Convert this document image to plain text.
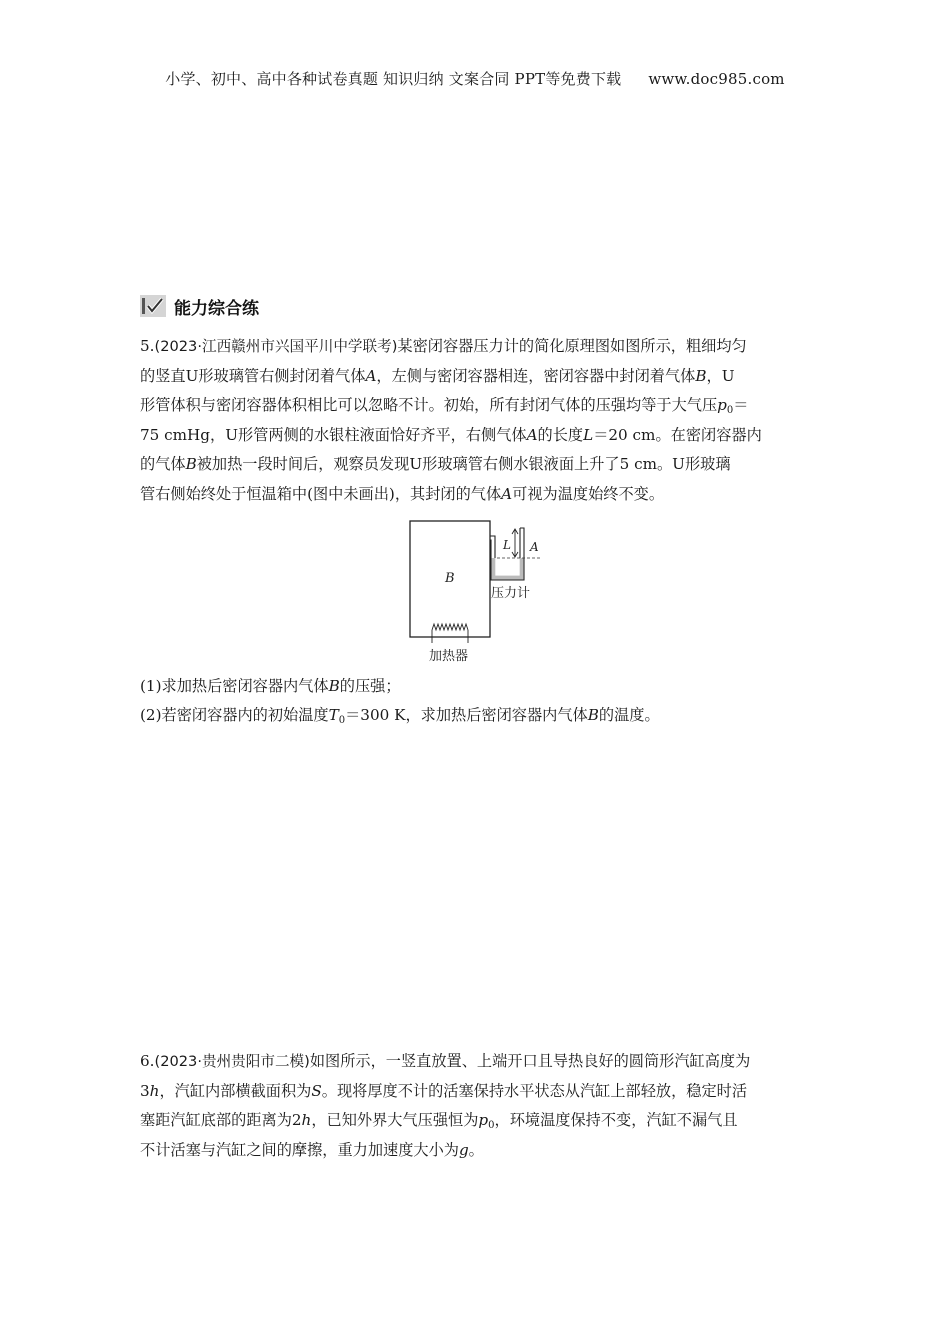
小学、初中、高中各种试卷真题 知识归纳 文案合同 PPT等免费下载 www.doc985.com
能力综合练
5.(2023·江西赣州市兴国平川中学联考)某密闭容器压力计的简化原理图如图所示，粗细均匀
的竖直U形玻璃管右侧封闭着气体A，左侧与密闭容器相连，密闭容器中封闭着气体B，U
形管体积与密闭容器体积相比可以忽略不计。初始，所有封闭气体的压强均等于大气压$p_0=$
75 cmHg，U形管两侧的水银柱液面恰好齐平，右侧气体A的长度L＝20 cm。在密闭容器内
的气体B被加热一段时间后，观察员发现U形玻璃管右侧水银液面上升了5 cm。U形玻璃
管右侧始终处于恒温箱中(图中未画出)，其封闭的气体A可视为温度始终不变。
L A
B
压力计
加热器
(1)求加热后密闭容器内气体B的压强；
(2)若密闭容器内的初始温度$T_0=300$ K，求加热后密闭容器内气体B的温度。
6.(2023·贵州贵阳市二模)如图所示，一竖直放置、上端开口且导热良好的圆筒形汽缸高度为
3h，汽缸内部横截面积为S。现将厚度不计的活塞保持水平状态从汽缸上部轻放，稳定时活
塞距汽缸底部的距离为2h，已知外界大气压强恒为$p_0$，环境温度保持不变，汽缸不漏气且
不计活塞与汽缸之间的摩擦，重力加速度大小为g。
